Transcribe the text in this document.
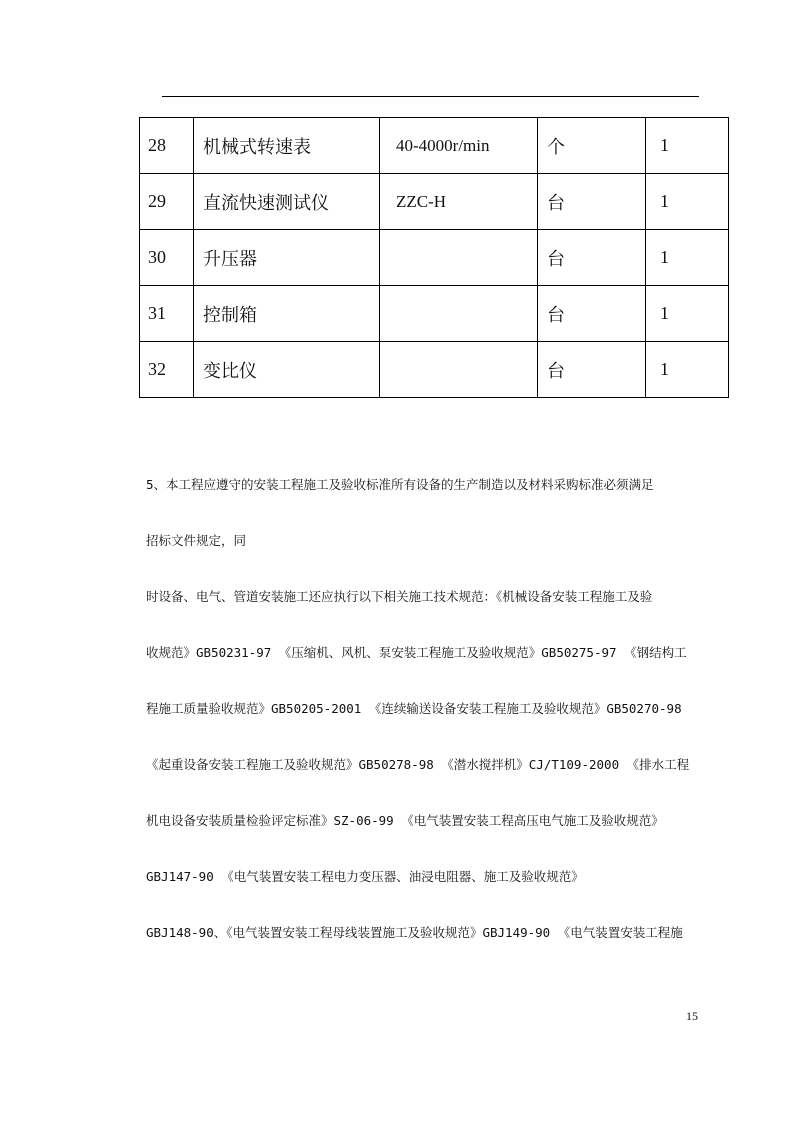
28	机械式转速表	40-4000r/min	个	1
29	直流快速测试仪	ZZC-H	台	1
30	升压器		台	1
31	控制箱		台	1
32	变比仪		台	1
5、本工程应遵守的安装工程施工及验收标准所有设备的生产制造以及材料采购标准必须满足
招标文件规定，同
时设备、电气、管道安装施工还应执行以下相关施工技术规范：《机械设备安装工程施工及验
收规范》GB50231-97 《压缩机、风机、泵安装工程施工及验收规范》GB50275-97 《钢结构工
程施工质量验收规范》GB50205-2001 《连续输送设备安装工程施工及验收规范》GB50270-98
《起重设备安装工程施工及验收规范》GB50278-98 《潜水搅拌机》CJ/T109-2000 《排水工程
机电设备安装质量检验评定标准》SZ-06-99 《电气装置安装工程高压电气施工及验收规范》
GBJ147-90 《电气装置安装工程电力变压器、油浸电阻器、施工及验收规范》
GBJ148-90、《电气装置安装工程母线装置施工及验收规范》GBJ149-90 《电气装置安装工程施
15
